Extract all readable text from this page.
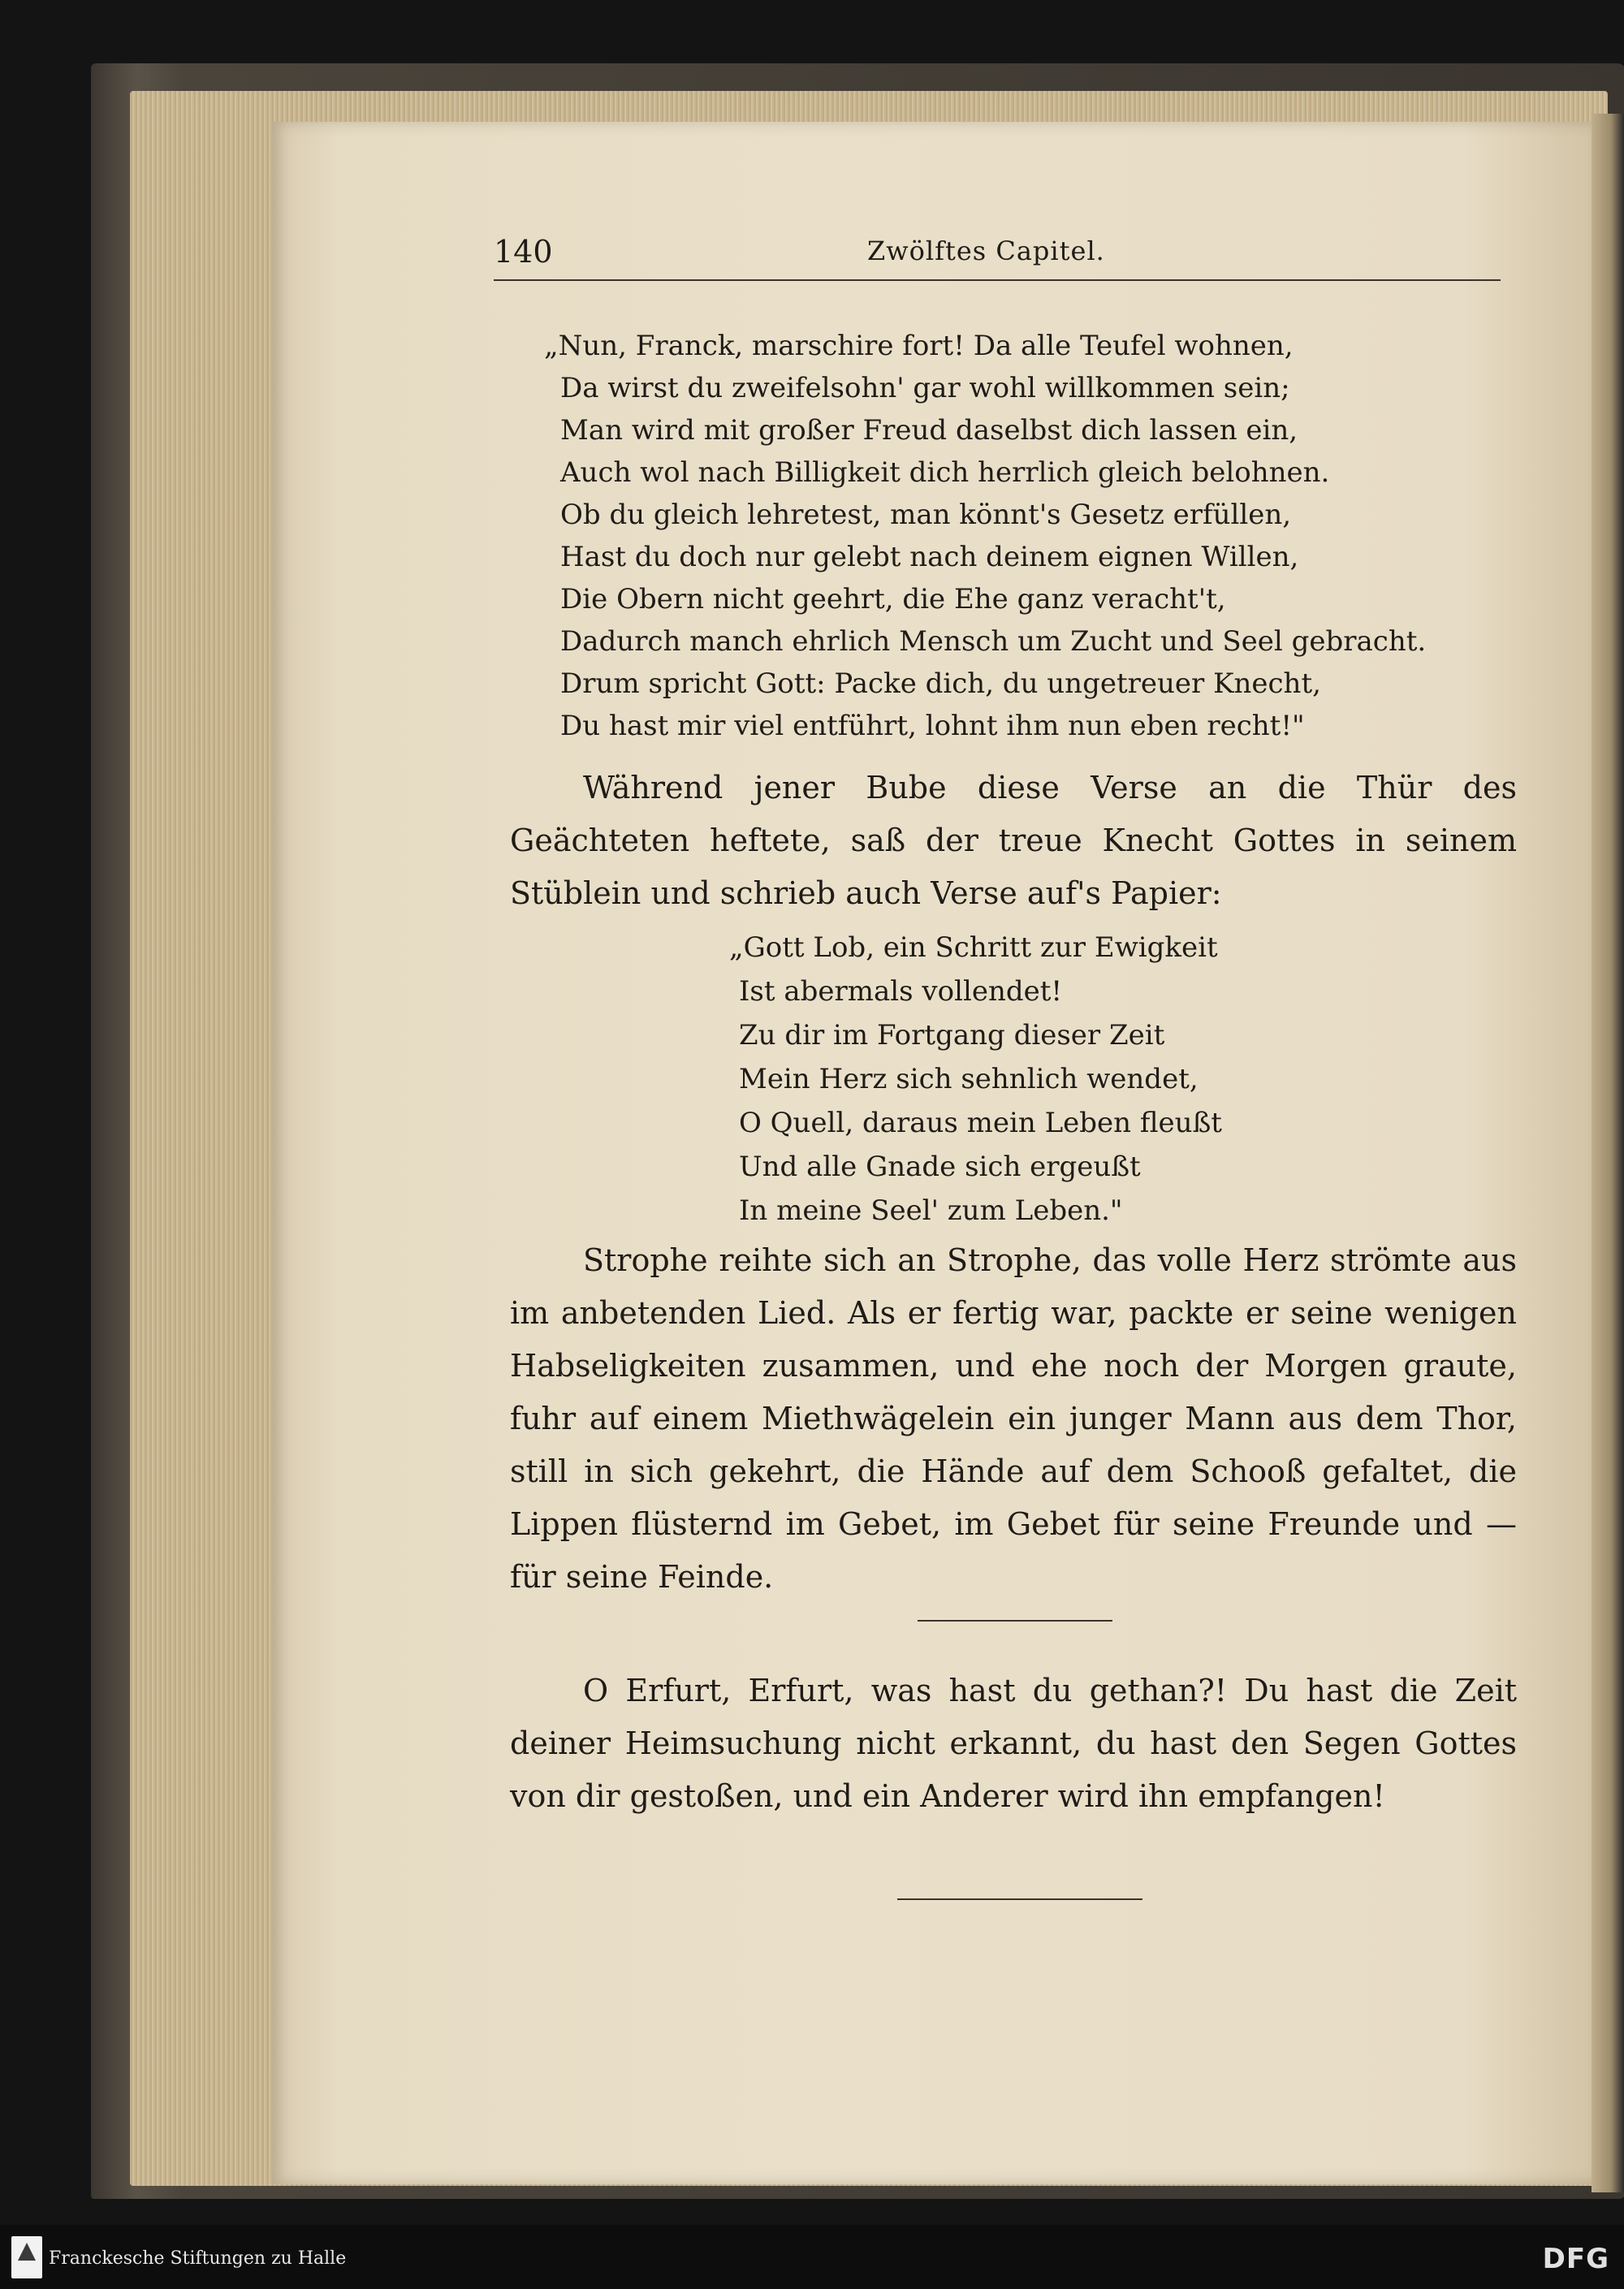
140	Zwölftes Capitel.
„Nun, Franck, marschire fort! Da alle Teufel wohnen,
Da wirst du zweifelsohn' gar wohl willkommen sein;
Man wird mit großer Freud daselbst dich lassen ein,
Auch wol nach Billigkeit dich herrlich gleich belohnen.
Ob du gleich lehretest, man könnt's Gesetz erfüllen,
Hast du doch nur gelebt nach deinem eignen Willen,
Die Obern nicht geehrt, die Ehe ganz veracht't,
Dadurch manch ehrlich Mensch um Zucht und Seel gebracht.
Drum spricht Gott: Packe dich, du ungetreuer Knecht,
Du hast mir viel entführt, lohnt ihm nun eben recht!"
Während jener Bube diese Verse an die Thür des Geächteten heftete, saß der treue Knecht Gottes in seinem Stüblein und schrieb auch Verse auf's Papier:
„Gott Lob, ein Schritt zur Ewigkeit
Ist abermals vollendet!
Zu dir im Fortgang dieser Zeit
Mein Herz sich sehnlich wendet,
O Quell, daraus mein Leben fleußt
Und alle Gnade sich ergeußt
In meine Seel' zum Leben."
Strophe reihte sich an Strophe, das volle Herz strömte aus im anbetenden Lied. Als er fertig war, packte er seine wenigen Habseligkeiten zusammen, und ehe noch der Morgen graute, fuhr auf einem Miethwägelein ein junger Mann aus dem Thor, still in sich gekehrt, die Hände auf dem Schooß gefaltet, die Lippen flüsternd im Gebet, im Gebet für seine Freunde und — für seine Feinde.
O Erfurt, Erfurt, was hast du gethan?! Du hast die Zeit deiner Heimsuchung nicht erkannt, du hast den Segen Gottes von dir gestoßen, und ein Anderer wird ihn empfangen!
Franckesche Stiftungen zu Halle	DFG
